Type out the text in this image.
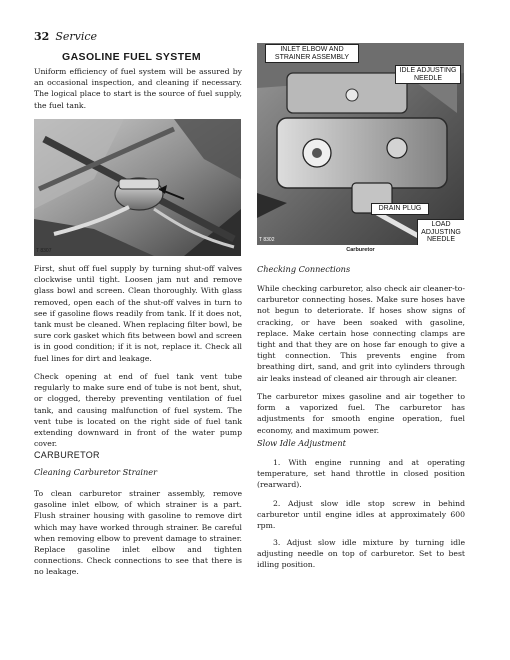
32 Service
GASOLINE FUEL SYSTEM

Uniform efficiency of fuel system will be assured by an occasional inspection, and cleaning if necessary. The logical place to start is the source of fuel supply, the fuel tank.

T 8307

First, shut off fuel supply by turning shut-off valves clockwise until tight. Loosen jam nut and remove glass bowl and screen. Clean thoroughly. With glass removed, open each of the shut-off valves in turn to see if gasoline flows readily from tank. If it does not, tank must be cleaned. When replacing filter bowl, be sure cork gasket which fits between bowl and screen is in good condition; if it is not, replace it. Check all fuel lines for dirt and leakage.

Check opening at end of fuel tank vent tube regularly to make sure end of tube is not bent, shut, or clogged, thereby preventing ventilation of fuel tank, and causing malfunction of fuel system. The vent tube is located on the right side of fuel tank extending downward in front of the water pump cover.

CARBURETOR
Cleaning Carburetor Strainer

To clean carburetor strainer assembly, remove gasoline inlet elbow, of which strainer is a part. Flush strainer housing with gasoline to remove dirt which may have worked through strainer. Be careful when removing elbow to prevent damage to strainer. Replace gasoline inlet elbow and tighten connections. Check connections to see that there is no leakage.

INLET ELBOW AND STRAINER ASSEMBLY
IDLE ADJUSTING NEEDLE
DRAIN PLUG
LOAD ADJUSTING NEEDLE
T 8302
Carburetor
Checking Connections

While checking carburetor, also check air cleaner-to-carburetor connecting hoses. Make sure hoses have not begun to deteriorate. If hoses show signs of cracking, or have been soaked with gasoline, replace. Make certain hose connecting clamps are tight and that they are on hose far enough to give a tight connection. This prevents engine from breathing dirt, sand, and grit into cylinders through air leaks instead of cleaned air through air cleaner.

The carburetor mixes gasoline and air together to form a vaporized fuel. The carburetor has adjustments for smooth engine operation, fuel economy, and maximum power.

Slow Idle Adjustment

1. With engine running and at operating temperature, set hand throttle in closed position (rearward).

2. Adjust slow idle stop screw in behind carburetor until engine idles at approximately 600 rpm.

3. Adjust slow idle mixture by turning idle adjusting needle on top of carburetor. Set to best idling position.
